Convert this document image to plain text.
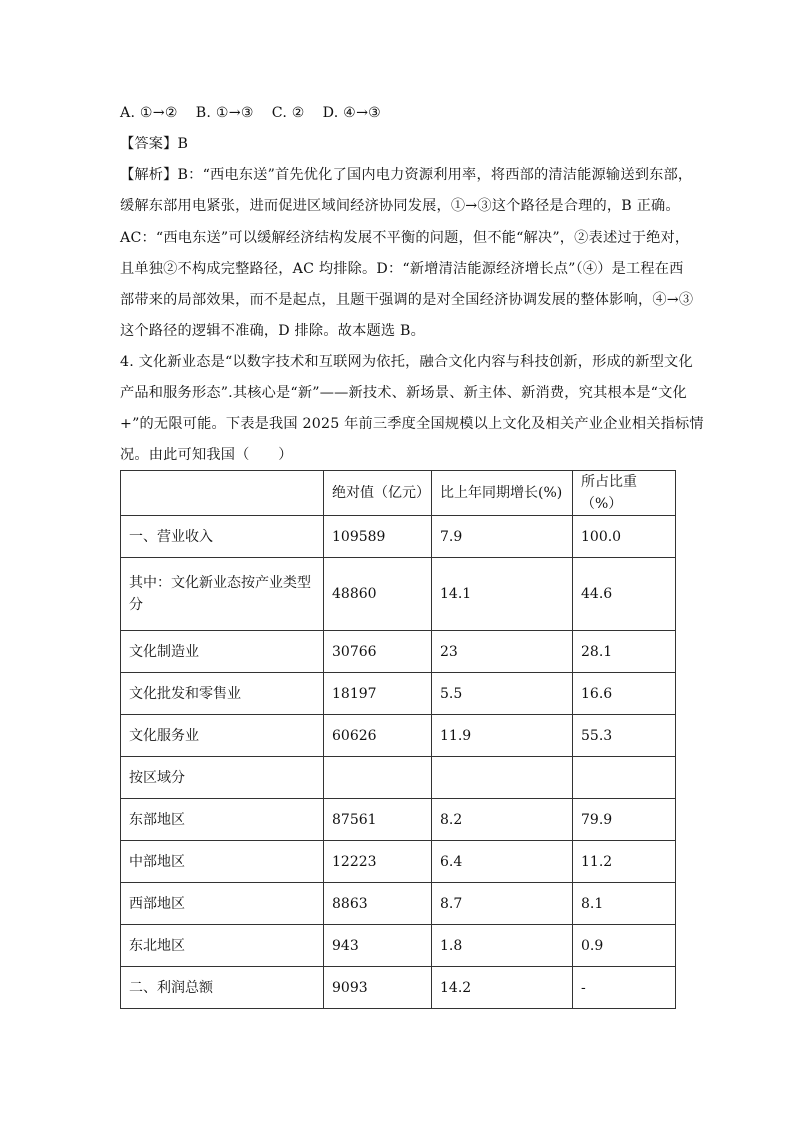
A. ①→② B. ①→③ C. ② D. ④→③
【答案】B
【解析】B：“西电东送”首先优化了国内电力资源利用率，将西部的清洁能源输送到东部，
缓解东部用电紧张，进而促进区域间经济协同发展，①→③这个路径是合理的，B 正确。
AC：“西电东送”可以缓解经济结构发展不平衡的问题，但不能“解决”，②表述过于绝对，
且单独②不构成完整路径，AC 均排除。D：“新增清洁能源经济增长点”（④）是工程在西
部带来的局部效果，而不是起点，且题干强调的是对全国经济协调发展的整体影响，④→③
这个路径的逻辑不准确，D 排除。故本题选 B。
4. 文化新业态是“以数字技术和互联网为依托，融合文化内容与科技创新，形成的新型文化
产品和服务形态”.其核心是“新”——新技术、新场景、新主体、新消费，究其根本是“文化
+”的无限可能。下表是我国 2025 年前三季度全国规模以上文化及相关产业企业相关指标情
况。由此可知我国（　　）
	绝对值（亿元）	比上年同期增长(%)	所占比重（%）
一、营业收入	109589	7.9	100.0
其中：文化新业态按产业类型分	48860	14.1	44.6
文化制造业	30766	23	28.1
文化批发和零售业	18197	5.5	16.6
文化服务业	60626	11.9	55.3
按区域分			
东部地区	87561	8.2	79.9
中部地区	12223	6.4	11.2
西部地区	8863	8.7	8.1
东北地区	943	1.8	0.9
二、利润总额	9093	14.2	-
